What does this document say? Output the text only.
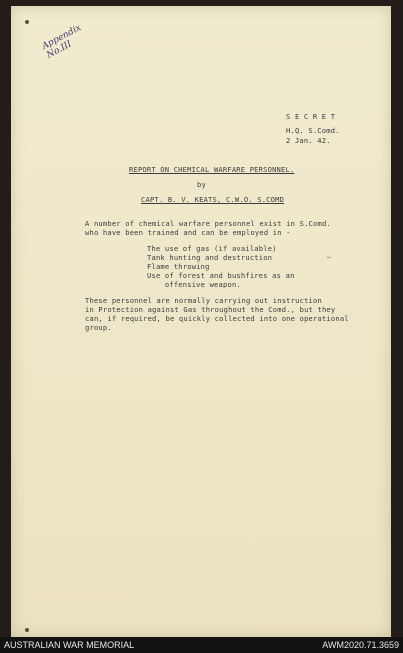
Appendix No.III
S E C R E T
H.Q. S.Comd.
2 Jan. 42.
REPORT ON CHEMICAL WARFARE PERSONNEL.
by
CAPT. B. V. KEATS, C.W.O. S.COMD
A number of chemical warfare personnel exist in S.Comd.
who have been trained and can be employed in -
The use of gas (if available)
Tank hunting and destruction
Flame throwing
Use of forest and bushfires as an
offensive weapon.
←
These personnel are normally carrying out instruction
in Protection against Gas throughout the Comd., but they
can, if required, be quickly collected into one operational
group.
AUSTRALIAN WAR MEMORIAL	AWM2020.71.3659
